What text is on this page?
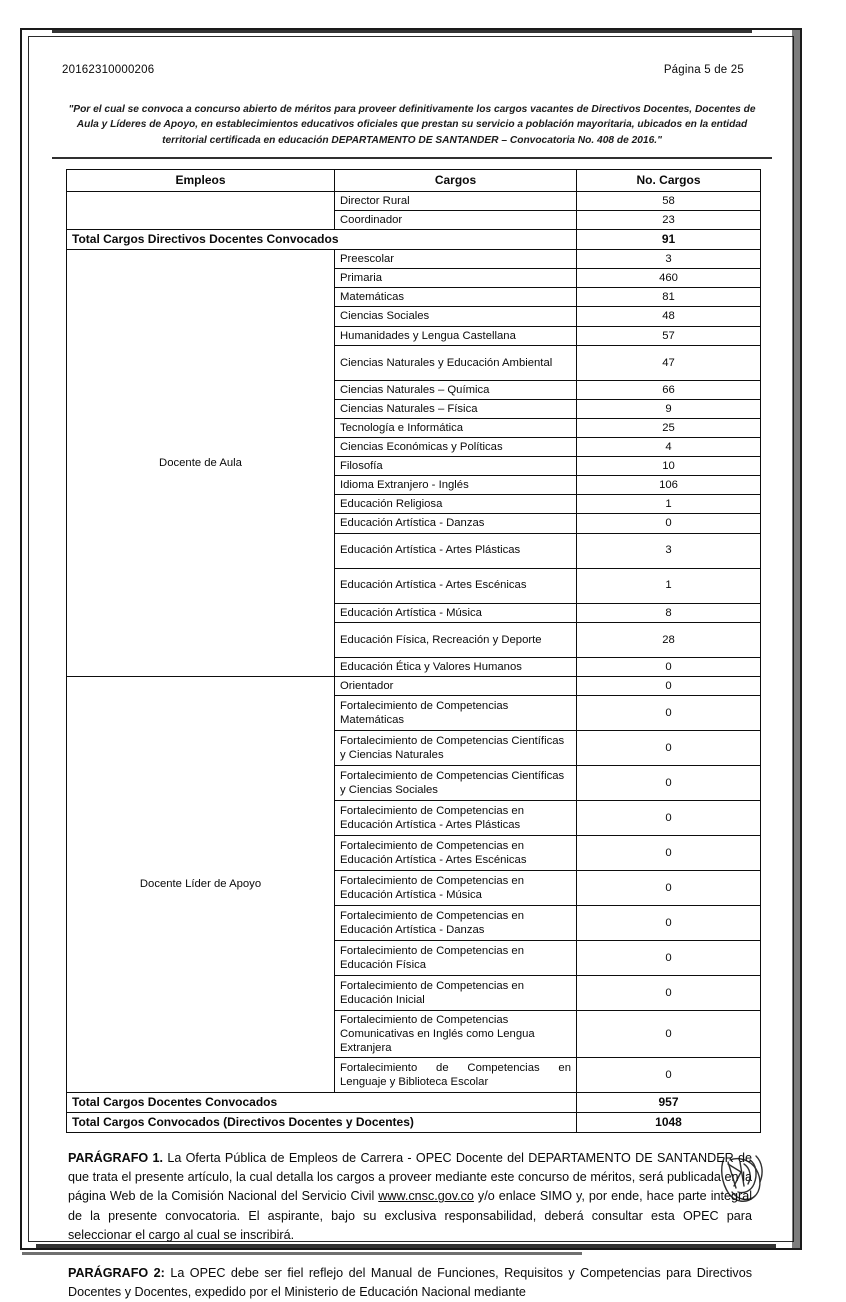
20162310000206	Página 5 de 25
"Por el cual se convoca a concurso abierto de méritos para proveer definitivamente los cargos vacantes de Directivos Docentes, Docentes de Aula y Líderes de Apoyo, en establecimientos educativos oficiales que prestan su servicio a población mayoritaria, ubicados en la entidad territorial certificada en educación DEPARTAMENTO DE SANTANDER – Convocatoria No. 408 de 2016."
Empleos	Cargos	No. Cargos
	Director Rural	58
	Coordinador	23
Total Cargos Directivos Docentes Convocados		91
Docente de Aula	Preescolar	3
	Primaria	460
	Matemáticas	81
	Ciencias Sociales	48
	Humanidades y Lengua Castellana	57
	Ciencias Naturales y Educación Ambiental	47
	Ciencias Naturales – Química	66
	Ciencias Naturales – Física	9
	Tecnología e Informática	25
	Ciencias Económicas y Políticas	4
	Filosofía	10
	Idioma Extranjero - Inglés	106
	Educación Religiosa	1
	Educación Artística - Danzas	0
	Educación Artística - Artes Plásticas	3
	Educación Artística - Artes Escénicas	1
	Educación Artística - Música	8
	Educación Física, Recreación y Deporte	28
	Educación Ética y Valores Humanos	0
Docente Líder de Apoyo	Orientador	0
	Fortalecimiento de Competencias Matemáticas	0
	Fortalecimiento de Competencias Científicas y Ciencias Naturales	0
	Fortalecimiento de Competencias Científicas y Ciencias Sociales	0
	Fortalecimiento de Competencias en Educación Artística - Artes Plásticas	0
	Fortalecimiento de Competencias en Educación Artística - Artes Escénicas	0
	Fortalecimiento de Competencias en Educación Artística - Música	0
	Fortalecimiento de Competencias en Educación Artística - Danzas	0
	Fortalecimiento de Competencias en Educación Física	0
	Fortalecimiento de Competencias en Educación Inicial	0
	Fortalecimiento de Competencias Comunicativas en Inglés como Lengua Extranjera	0
	Fortalecimiento de Competencias en Lenguaje y Biblioteca Escolar	0
Total Cargos Docentes Convocados		957
Total Cargos Convocados (Directivos Docentes y Docentes)		1048

PARÁGRAFO 1. La Oferta Pública de Empleos de Carrera - OPEC Docente del DEPARTAMENTO DE SANTANDER de que trata el presente artículo, la cual detalla los cargos a proveer mediante este concurso de méritos, será publicada en la página Web de la Comisión Nacional del Servicio Civil www.cnsc.gov.co y/o enlace SIMO y, por ende, hace parte integral de la presente convocatoria. El aspirante, bajo su exclusiva responsabilidad, deberá consultar esta OPEC para seleccionar el cargo al cual se inscribirá.

PARÁGRAFO 2: La OPEC debe ser fiel reflejo del Manual de Funciones, Requisitos y Competencias para Directivos Docentes y Docentes, expedido por el Ministerio de Educación Nacional mediante
